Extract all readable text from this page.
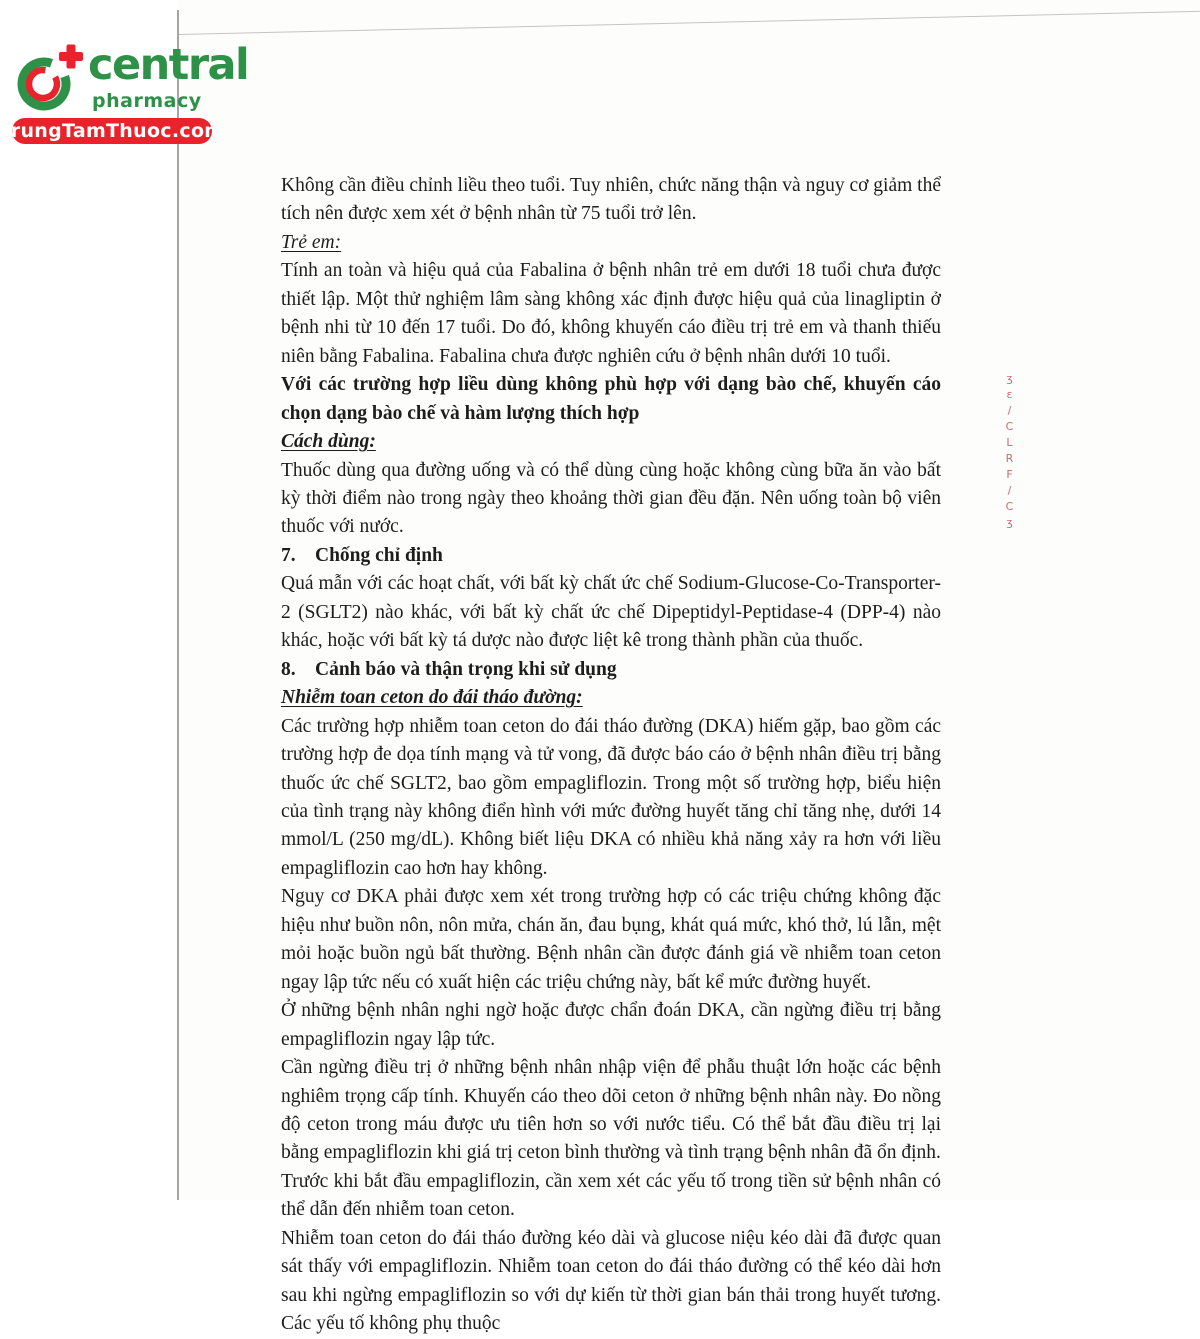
central
pharmacy
TrungTamThuoc.com

Không cần điều chỉnh liều theo tuổi. Tuy nhiên, chức năng thận và nguy cơ giảm thể tích nên được xem xét ở bệnh nhân từ 75 tuổi trở lên.

Trẻ em:

Tính an toàn và hiệu quả của Fabalina ở bệnh nhân trẻ em dưới 18 tuổi chưa được thiết lập. Một thử nghiệm lâm sàng không xác định được hiệu quả của linagliptin ở bệnh nhi từ 10 đến 17 tuổi. Do đó, không khuyến cáo điều trị trẻ em và thanh thiếu niên bằng Fabalina. Fabalina chưa được nghiên cứu ở bệnh nhân dưới 10 tuổi.

Với các trường hợp liều dùng không phù hợp với dạng bào chế, khuyến cáo chọn dạng bào chế và hàm lượng thích hợp

Cách dùng:

Thuốc dùng qua đường uống và có thể dùng cùng hoặc không cùng bữa ăn vào bất kỳ thời điểm nào trong ngày theo khoảng thời gian đều đặn. Nên uống toàn bộ viên thuốc với nước.

7. Chống chỉ định

Quá mẫn với các hoạt chất, với bất kỳ chất ức chế Sodium-Glucose-Co-Transporter-2 (SGLT2) nào khác, với bất kỳ chất ức chế Dipeptidyl-Peptidase-4 (DPP-4) nào khác, hoặc với bất kỳ tá dược nào được liệt kê trong thành phần của thuốc.

8. Cảnh báo và thận trọng khi sử dụng

Nhiễm toan ceton do đái tháo đường:

Các trường hợp nhiễm toan ceton do đái tháo đường (DKA) hiếm gặp, bao gồm các trường hợp đe dọa tính mạng và tử vong, đã được báo cáo ở bệnh nhân điều trị bằng thuốc ức chế SGLT2, bao gồm empagliflozin. Trong một số trường hợp, biểu hiện của tình trạng này không điển hình với mức đường huyết tăng chỉ tăng nhẹ, dưới 14 mmol/L (250 mg/dL). Không biết liệu DKA có nhiều khả năng xảy ra hơn với liều empagliflozin cao hơn hay không.

Nguy cơ DKA phải được xem xét trong trường hợp có các triệu chứng không đặc hiệu như buồn nôn, nôn mửa, chán ăn, đau bụng, khát quá mức, khó thở, lú lẫn, mệt mỏi hoặc buồn ngủ bất thường. Bệnh nhân cần được đánh giá về nhiễm toan ceton ngay lập tức nếu có xuất hiện các triệu chứng này, bất kể mức đường huyết.

Ở những bệnh nhân nghi ngờ hoặc được chẩn đoán DKA, cần ngừng điều trị bằng empagliflozin ngay lập tức.

Cần ngừng điều trị ở những bệnh nhân nhập viện để phẫu thuật lớn hoặc các bệnh nghiêm trọng cấp tính. Khuyến cáo theo dõi ceton ở những bệnh nhân này. Đo nồng độ ceton trong máu được ưu tiên hơn so với nước tiểu. Có thể bắt đầu điều trị lại bằng empagliflozin khi giá trị ceton bình thường và tình trạng bệnh nhân đã ổn định.

Trước khi bắt đầu empagliflozin, cần xem xét các yếu tố trong tiền sử bệnh nhân có thể dẫn đến nhiễm toan ceton.

Nhiễm toan ceton do đái tháo đường kéo dài và glucose niệu kéo dài đã được quan sát thấy với empagliflozin. Nhiễm toan ceton do đái tháo đường có thể kéo dài hơn sau khi ngừng empagliflozin so với dự kiến từ thời gian bán thải trong huyết tương. Các yếu tố không phụ thuộc

ʒɛ/CLRF/Cʒ
